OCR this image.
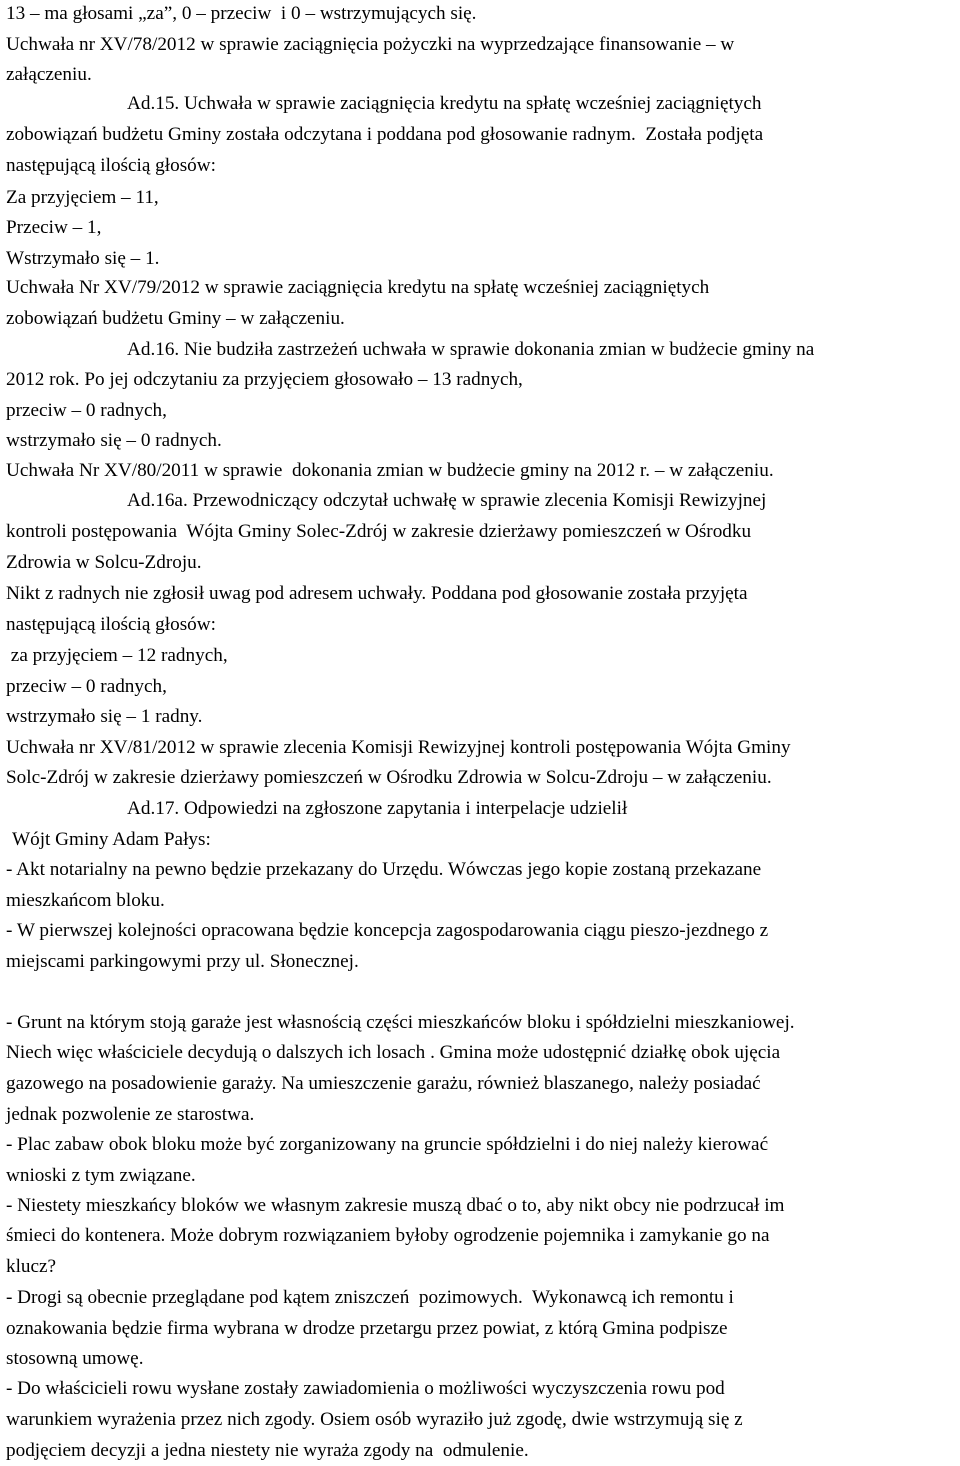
13 – ma głosami „za”, 0 – przeciw  i 0 – wstrzymujących się.
Uchwała nr XV/78/2012 w sprawie zaciągnięcia pożyczki na wyprzedzające finansowanie – w
załączeniu.
Ad.15. Uchwała w sprawie zaciągnięcia kredytu na spłatę wcześniej zaciągniętych
zobowiązań budżetu Gminy została odczytana i poddana pod głosowanie radnym.  Została podjęta
następującą ilością głosów:
Za przyjęciem – 11,
Przeciw – 1,
Wstrzymało się – 1.
Uchwała Nr XV/79/2012 w sprawie zaciągnięcia kredytu na spłatę wcześniej zaciągniętych
zobowiązań budżetu Gminy – w załączeniu.
Ad.16. Nie budziła zastrzeżeń uchwała w sprawie dokonania zmian w budżecie gminy na
2012 rok. Po jej odczytaniu za przyjęciem głosowało – 13 radnych,
przeciw – 0 radnych,
wstrzymało się – 0 radnych.
Uchwała Nr XV/80/2011 w sprawie  dokonania zmian w budżecie gminy na 2012 r. – w załączeniu.
Ad.16a. Przewodniczący odczytał uchwałę w sprawie zlecenia Komisji Rewizyjnej
kontroli postępowania  Wójta Gminy Solec-Zdrój w zakresie dzierżawy pomieszczeń w Ośrodku
Zdrowia w Solcu-Zdroju.
Nikt z radnych nie zgłosił uwag pod adresem uchwały. Poddana pod głosowanie została przyjęta
następującą ilością głosów:
za przyjęciem – 12 radnych,
przeciw – 0 radnych,
wstrzymało się – 1 radny.
Uchwała nr XV/81/2012 w sprawie zlecenia Komisji Rewizyjnej kontroli postępowania Wójta Gminy
Solc-Zdrój w zakresie dzierżawy pomieszczeń w Ośrodku Zdrowia w Solcu-Zdroju – w załączeniu.
Ad.17. Odpowiedzi na zgłoszone zapytania i interpelacje udzielił
Wójt Gminy Adam Pałys:
- Akt notarialny na pewno będzie przekazany do Urzędu. Wówczas jego kopie zostaną przekazane
mieszkańcom bloku.
- W pierwszej kolejności opracowana będzie koncepcja zagospodarowania ciągu pieszo-jezdnego z
miejscami parkingowymi przy ul. Słonecznej.
- Grunt na którym stoją garaże jest własnością części mieszkańców bloku i spółdzielni mieszkaniowej.
Niech więc właściciele decydują o dalszych ich losach . Gmina może udostępnić działkę obok ujęcia
gazowego na posadowienie garaży. Na umieszczenie garażu, również blaszanego, należy posiadać
jednak pozwolenie ze starostwa.
- Plac zabaw obok bloku może być zorganizowany na gruncie spółdzielni i do niej należy kierować
wnioski z tym związane.
- Niestety mieszkańcy bloków we własnym zakresie muszą dbać o to, aby nikt obcy nie podrzucał im
śmieci do kontenera. Może dobrym rozwiązaniem byłoby ogrodzenie pojemnika i zamykanie go na
klucz?
- Drogi są obecnie przeglądane pod kątem zniszczeń  pozimowych.  Wykonawcą ich remontu i
oznakowania będzie firma wybrana w drodze przetargu przez powiat, z którą Gmina podpisze
stosowną umowę.
- Do właścicieli rowu wysłane zostały zawiadomienia o możliwości wyczyszczenia rowu pod
warunkiem wyrażenia przez nich zgody. Osiem osób wyraziło już zgodę, dwie wstrzymują się z
podjęciem decyzji a jedna niestety nie wyraża zgody na  odmulenie.
